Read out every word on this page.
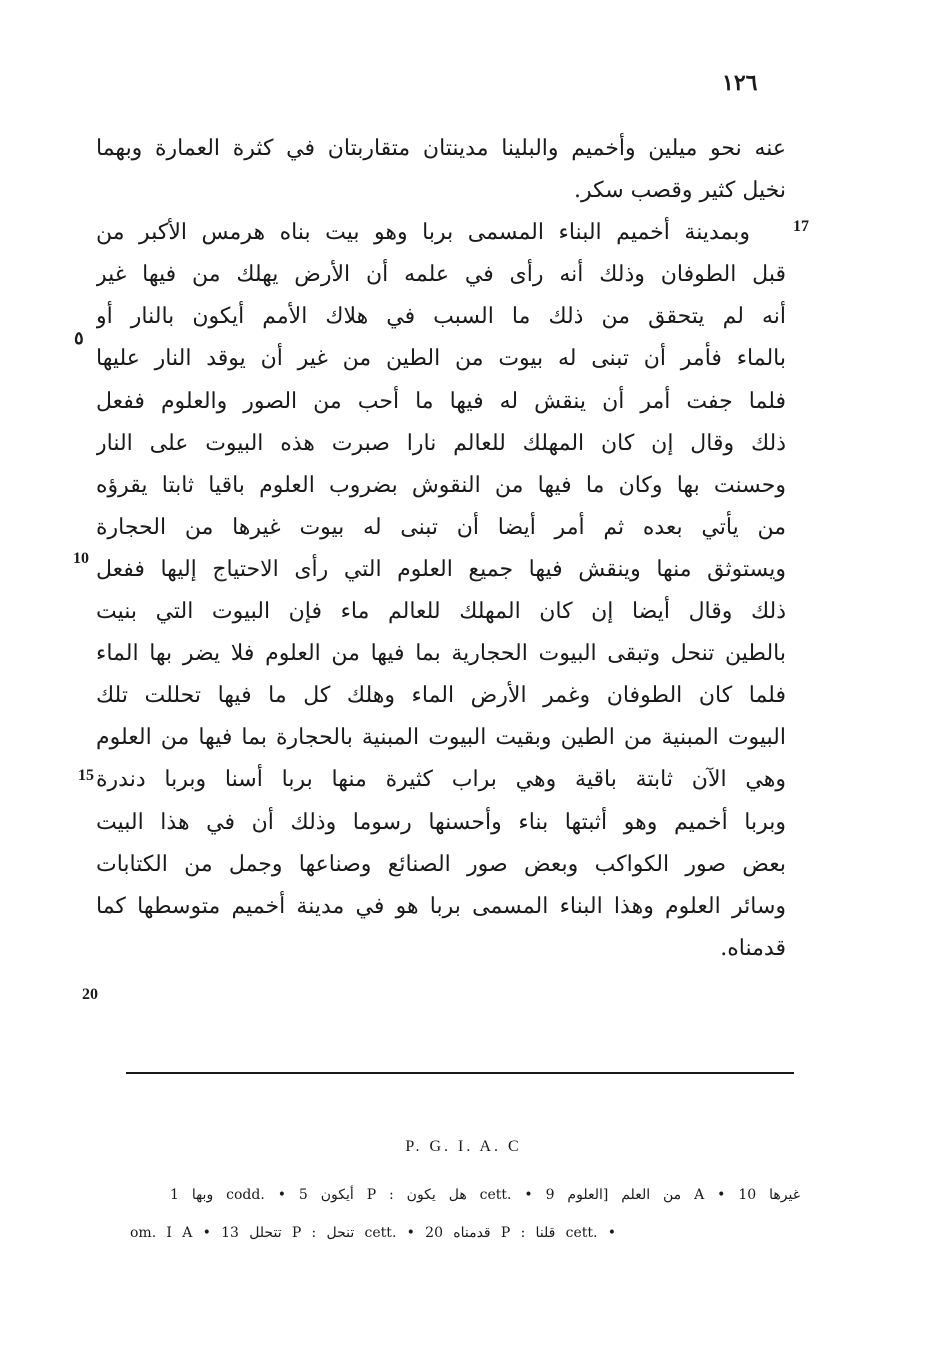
١٢٦
عنه نحو ميلين وأخميم والبلينا مدينتان متقاربتان في كثرة العمارة وبهما
نخيل كثير وقصب سكر.
وبمدينة أخميم البناء المسمى بربا وهو بيت بناه هرمس الأكبر من
قبل الطوفان وذلك أنه رأى في علمه أن الأرض يهلك من فيها غير
أنه لم يتحقق من ذلك ما السبب في هلاك الأمم أيكون بالنار أو
بالماء فأمر أن تبنى له بيوت من الطين من غير أن يوقد النار عليها
فلما جفت أمر أن ينقش له فيها ما أحب من الصور والعلوم ففعل
ذلك وقال إن كان المهلك للعالم نارا صبرت هذه البيوت على النار
وحسنت بها وكان ما فيها من النقوش بضروب العلوم باقيا ثابتا يقرؤه
من يأتي بعده ثم أمر أيضا أن تبنى له بيوت غيرها من الحجارة
ويستوثق منها وينقش فيها جميع العلوم التي رأى الاحتياج إليها ففعل
ذلك وقال أيضا إن كان المهلك للعالم ماء فإن البيوت التي بنيت
بالطين تنحل وتبقى البيوت الحجارية بما فيها من العلوم فلا يضر بها الماء
فلما كان الطوفان وغمر الأرض الماء وهلك كل ما فيها تحللت تلك
البيوت المبنية من الطين وبقيت البيوت المبنية بالحجارة بما فيها من العلوم
وهي الآن ثابتة باقية وهي براب كثيرة منها بربا أسنا وبربا دندرة
وبربا أخميم وهو أثبتها بناء وأحسنها رسوما وذلك أن في هذا البيت
بعض صور الكواكب وبعض صور الصنائع وصناعها وجمل من الكتابات
وسائر العلوم وهذا البناء المسمى بربا هو في مدينة أخميم متوسطها كما
قدمناه.
17
٥
10
15
20
P. G. I. A. C
غيرها 10 • A من العلم [العلوم 9 • .cett هل يكون : P أيكون 5 • .codd وبها 1
• .cett قلنا : P قدمناه 20 • .cett تنحل : P تتحلل 13 • om. I A
